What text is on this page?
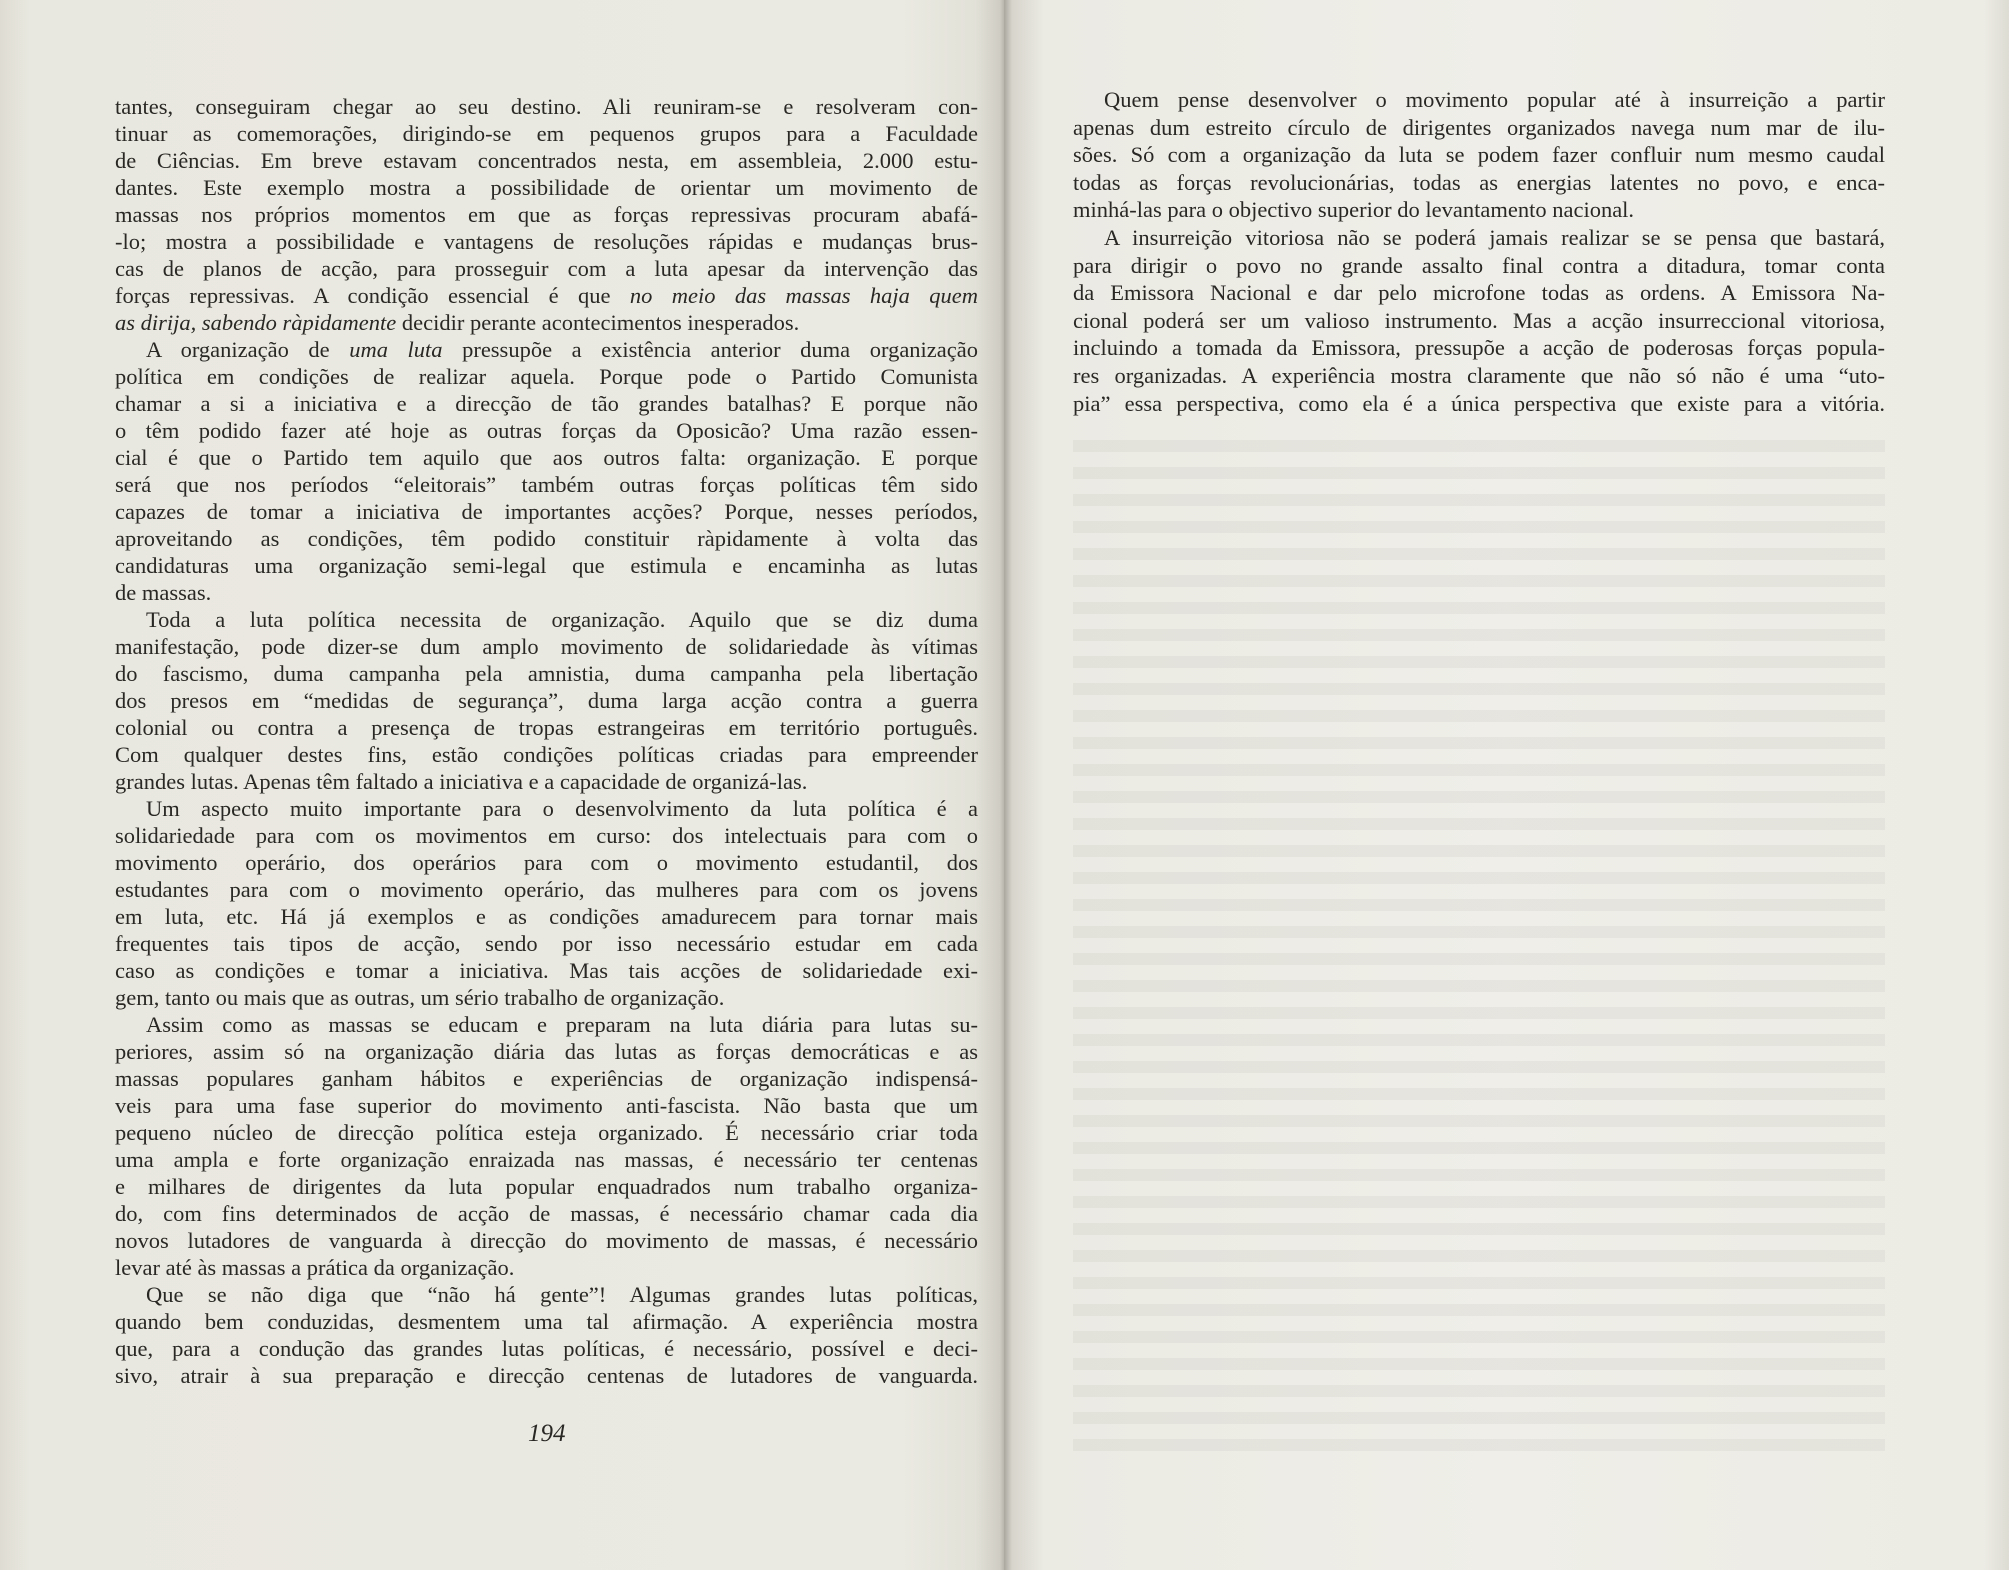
tantes, conseguiram chegar ao seu destino. Ali reuniram-se e resolveram con-
tinuar as comemorações, dirigindo-se em pequenos grupos para a Faculdade
de Ciências. Em breve estavam concentrados nesta, em assembleia, 2.000 estu-
dantes. Este exemplo mostra a possibilidade de orientar um movimento de
massas nos próprios momentos em que as forças repressivas procuram abafá-
-lo; mostra a possibilidade e vantagens de resoluções rápidas e mudanças brus-
cas de planos de acção, para prosseguir com a luta apesar da intervenção das
forças repressivas. A condição essencial é que no meio das massas haja quem
as dirija, sabendo ràpidamente decidir perante acontecimentos inesperados.
A organização de uma luta pressupõe a existência anterior duma organização
política em condições de realizar aquela. Porque pode o Partido Comunista
chamar a si a iniciativa e a direcção de tão grandes batalhas? E porque não
o têm podido fazer até hoje as outras forças da Oposicão? Uma razão essen-
cial é que o Partido tem aquilo que aos outros falta: organização. E porque
será que nos períodos “eleitorais” também outras forças políticas têm sido
capazes de tomar a iniciativa de importantes acções? Porque, nesses períodos,
aproveitando as condições, têm podido constituir ràpidamente à volta das
candidaturas uma organização semi-legal que estimula e encaminha as lutas
de massas.
Toda a luta política necessita de organização. Aquilo que se diz duma
manifestação, pode dizer-se dum amplo movimento de solidariedade às vítimas
do fascismo, duma campanha pela amnistia, duma campanha pela libertação
dos presos em “medidas de segurança”, duma larga acção contra a guerra
colonial ou contra a presença de tropas estrangeiras em território português.
Com qualquer destes fins, estão condições políticas criadas para empreender
grandes lutas. Apenas têm faltado a iniciativa e a capacidade de organizá-las.
Um aspecto muito importante para o desenvolvimento da luta política é a
solidariedade para com os movimentos em curso: dos intelectuais para com o
movimento operário, dos operários para com o movimento estudantil, dos
estudantes para com o movimento operário, das mulheres para com os jovens
em luta, etc. Há já exemplos e as condições amadurecem para tornar mais
frequentes tais tipos de acção, sendo por isso necessário estudar em cada
caso as condições e tomar a iniciativa. Mas tais acções de solidariedade exi-
gem, tanto ou mais que as outras, um sério trabalho de organização.
Assim como as massas se educam e preparam na luta diária para lutas su-
periores, assim só na organização diária das lutas as forças democráticas e as
massas populares ganham hábitos e experiências de organização indispensá-
veis para uma fase superior do movimento anti-fascista. Não basta que um
pequeno núcleo de direcção política esteja organizado. É necessário criar toda
uma ampla e forte organização enraizada nas massas, é necessário ter centenas
e milhares de dirigentes da luta popular enquadrados num trabalho organiza-
do, com fins determinados de acção de massas, é necessário chamar cada dia
novos lutadores de vanguarda à direcção do movimento de massas, é necessário
levar até às massas a prática da organização.
Que se não diga que “não há gente”! Algumas grandes lutas políticas,
quando bem conduzidas, desmentem uma tal afirmação. A experiência mostra
que, para a condução das grandes lutas políticas, é necessário, possível e deci-
sivo, atrair à sua preparação e direcção centenas de lutadores de vanguarda.
194
Quem pense desenvolver o movimento popular até à insurreição a partir
apenas dum estreito círculo de dirigentes organizados navega num mar de ilu-
sões. Só com a organização da luta se podem fazer confluir num mesmo caudal
todas as forças revolucionárias, todas as energias latentes no povo, e enca-
minhá-las para o objectivo superior do levantamento nacional.
A insurreição vitoriosa não se poderá jamais realizar se se pensa que bastará,
para dirigir o povo no grande assalto final contra a ditadura, tomar conta
da Emissora Nacional e dar pelo microfone todas as ordens. A Emissora Na-
cional poderá ser um valioso instrumento. Mas a acção insurreccional vitoriosa,
incluindo a tomada da Emissora, pressupõe a acção de poderosas forças popula-
res organizadas. A experiência mostra claramente que não só não é uma “uto-
pia” essa perspectiva, como ela é a única perspectiva que existe para a vitória.
